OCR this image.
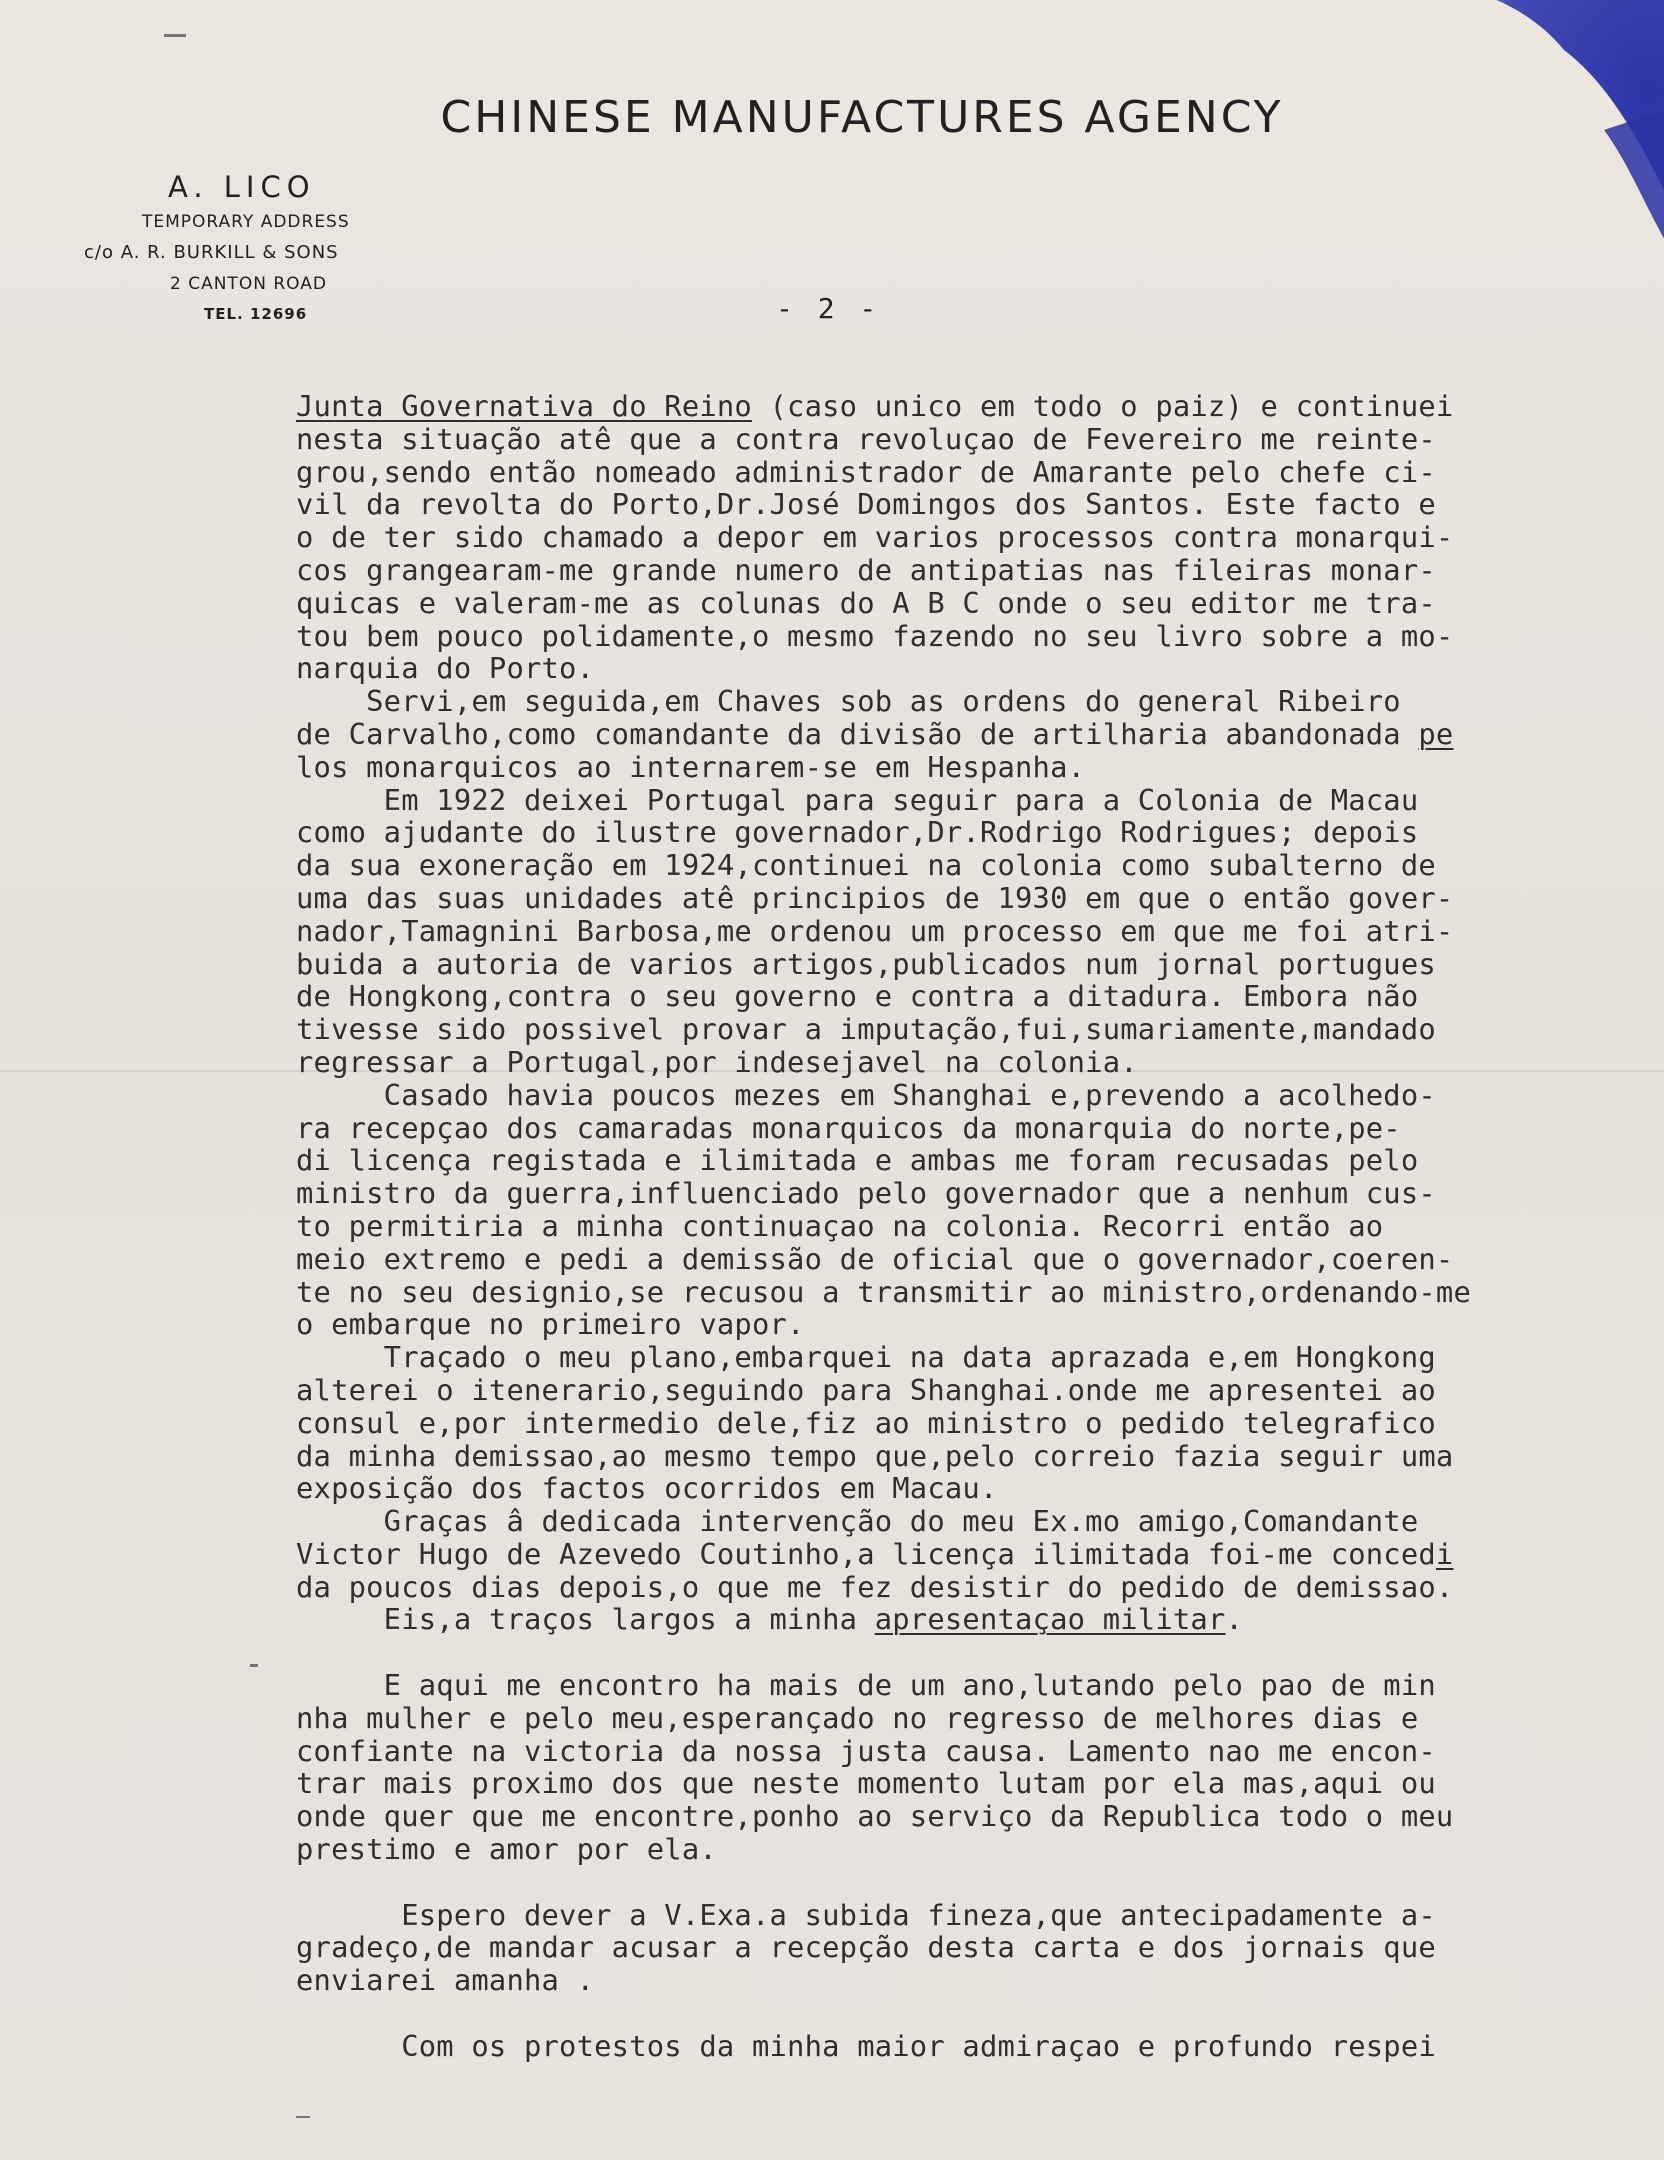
CHINESE MANUFACTURES AGENCY
A. LICO
TEMPORARY ADDRESS
c/o A. R. BURKILL & SONS
2 CANTON ROAD
TEL. 12696	- 2 -
Junta Governativa do Reino (caso unico em todo o paiz) e continuei
nesta situação atê que a contra revoluçao de Fevereiro me reinte-
grou,sendo então nomeado administrador de Amarante pelo chefe ci-
vil da revolta do Porto,Dr.José Domingos dos Santos. Este facto e
o de ter sido chamado a depor em varios processos contra monarqui-
cos grangearam-me grande numero de antipatias nas fileiras monar-
quicas e valeram-me as colunas do A B C onde o seu editor me tra-
tou bem pouco polidamente,o mesmo fazendo no seu livro sobre a mo-
narquia do Porto.
Servi,em seguida,em Chaves sob as ordens do general Ribeiro
de Carvalho,como comandante da divisão de artilharia abandonada pe
los monarquicos ao internarem-se em Hespanha.
Em 1922 deixei Portugal para seguir para a Colonia de Macau
como ajudante do ilustre governador,Dr.Rodrigo Rodrigues; depois
da sua exoneração em 1924,continuei na colonia como subalterno de
uma das suas unidades atê principios de 1930 em que o então gover-
nador,Tamagnini Barbosa,me ordenou um processo em que me foi atri-
buida a autoria de varios artigos,publicados num jornal portugues
de Hongkong,contra o seu governo e contra a ditadura. Embora não
tivesse sido possivel provar a imputação,fui,sumariamente,mandado
regressar a Portugal,por indesejavel na colonia.
Casado havia poucos mezes em Shanghai e,prevendo a acolhedo-
ra recepçao dos camaradas monarquicos da monarquia do norte,pe-
di licença registada e ilimitada e ambas me foram recusadas pelo
ministro da guerra,influenciado pelo governador que a nenhum cus-
to permitiria a minha continuaçao na colonia. Recorri então ao
meio extremo e pedi a demissão de oficial que o governador,coeren-
te no seu designio,se recusou a transmitir ao ministro,ordenando-me
o embarque no primeiro vapor.
Traçado o meu plano,embarquei na data aprazada e,em Hongkong
alterei o itenerario,seguindo para Shanghai.onde me apresentei ao
consul e,por intermedio dele,fiz ao ministro o pedido telegrafico
da minha demissao,ao mesmo tempo que,pelo correio fazia seguir uma
exposição dos factos ocorridos em Macau.
Graças â dedicada intervenção do meu Ex.mo amigo,Comandante
Victor Hugo de Azevedo Coutinho,a licença ilimitada foi-me concedi
da poucos dias depois,o que me fez desistir do pedido de demissao.
Eis,a traços largos a minha apresentaçao militar.
E aqui me encontro ha mais de um ano,lutando pelo pao de min
nha mulher e pelo meu,esperançado no regresso de melhores dias e
confiante na victoria da nossa justa causa. Lamento nao me encon-
trar mais proximo dos que neste momento lutam por ela mas,aqui ou
onde quer que me encontre,ponho ao serviço da Republica todo o meu
prestimo e amor por ela.
Espero dever a V.Exa.a subida fineza,que antecipadamente a-
gradeço,de mandar acusar a recepção desta carta e dos jornais que
enviarei amanha .
Com os protestos da minha maior admiraçao e profundo respei
